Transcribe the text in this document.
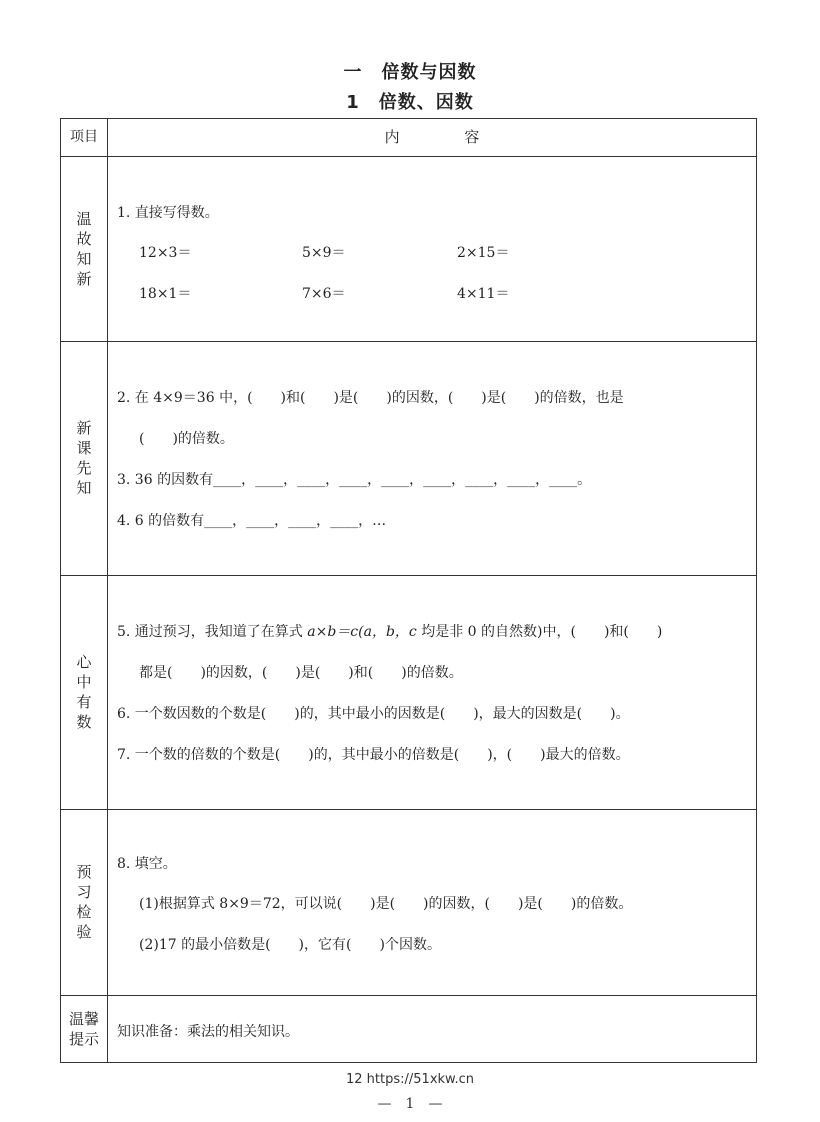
一　倍数与因数
1　倍数、因数
项目	内 容
温故知新
1. 直接写得数。
12×3＝	5×9＝	2×15＝
18×1＝	7×6＝	4×11＝
新课先知
2. 在 4×9＝36 中，(　　)和(　　)是(　　)的因数，(　　)是(　　)的倍数，也是
(　　)的倍数。
3. 36 的因数有____，____，____，____，____，____，____，____，____。
4. 6 的倍数有____，____，____，____，…
心中有数
5. 通过预习，我知道了在算式 a×b＝c(a，b，c 均是非 0 的自然数)中，(　　)和(　　)
都是(　　)的因数，(　　)是(　　)和(　　)的倍数。
6. 一个数因数的个数是(　　)的，其中最小的因数是(　　)，最大的因数是(　　)。
7. 一个数的倍数的个数是(　　)的，其中最小的倍数是(　　)，(　　)最大的倍数。
预习检验
8. 填空。
(1)根据算式 8×9＝72，可以说(　　)是(　　)的因数，(　　)是(　　)的倍数。
(2)17 的最小倍数是(　　)，它有(　　)个因数。
温馨提示 知识准备：乘法的相关知识。
12 https://51xkw.cn
—　1　—
